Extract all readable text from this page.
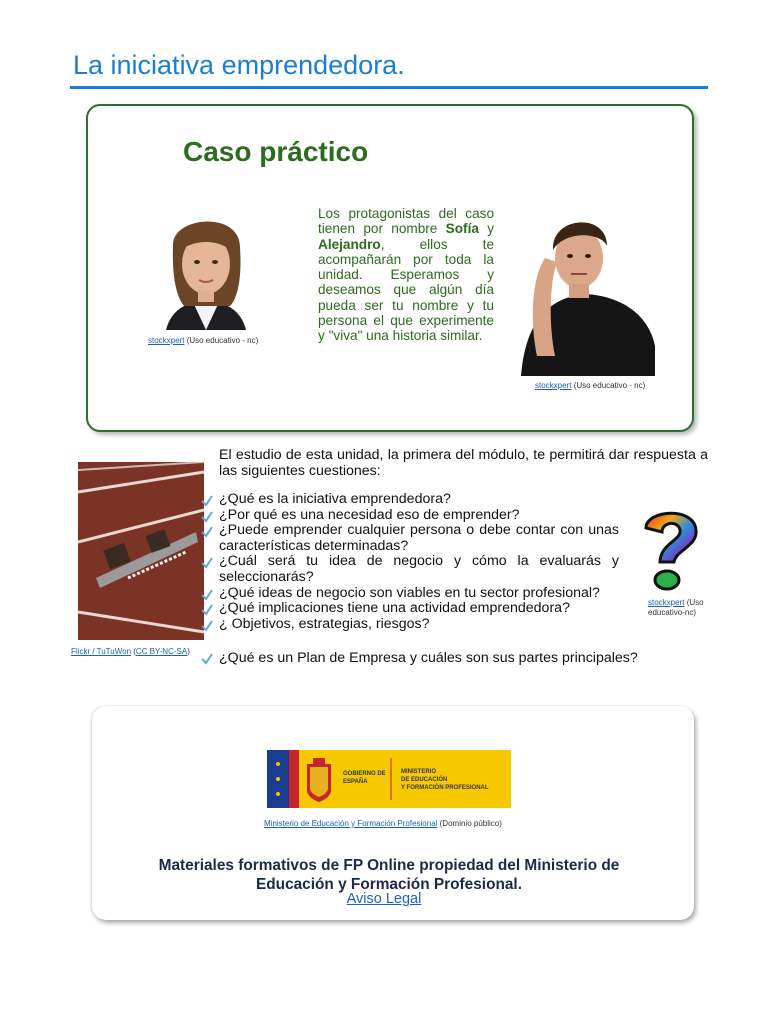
La iniciativa emprendedora.
Caso práctico
stockxpert (Uso educativo - nc)

Los protagonistas del caso tienen por nombre Sofía y Alejandro, ellos te acompañarán por toda la unidad. Esperamos y deseamos que algún día pueda ser tu nombre y tu persona el que experimente y "viva" una historia similar.

stockxpert (Uso educativo - nc)
Flickr / TuTuWon (CC BY-NC-SA)

El estudio de esta unidad, la primera del módulo, te permitirá dar respuesta a las siguientes cuestiones:

¿Qué es la iniciativa emprendedora?
¿Por qué es una necesidad eso de emprender?
¿Puede emprender cualquier persona o debe contar con unas características determinadas?
¿Cuál será tu idea de negocio y cómo la evaluarás y seleccionarás?
¿Qué ideas de negocio son viables en tu sector profesional?
¿Qué implicaciones tiene una actividad emprendedora?
¿ Objetivos, estrategias, riesgos?
¿Qué es un Plan de Empresa y cuáles son sus partes principales?
stockxpert (Uso educativo-nc)
GOBIERNO DE ESPAÑA
MINISTERIO
DE EDUCACIÓN
Y FORMACIÓN PROFESIONAL
Ministerio de Educación y Formación Profesional (Dominio público)

Materiales formativos de FP Online propiedad del Ministerio de Educación y Formación Profesional.

Aviso Legal
